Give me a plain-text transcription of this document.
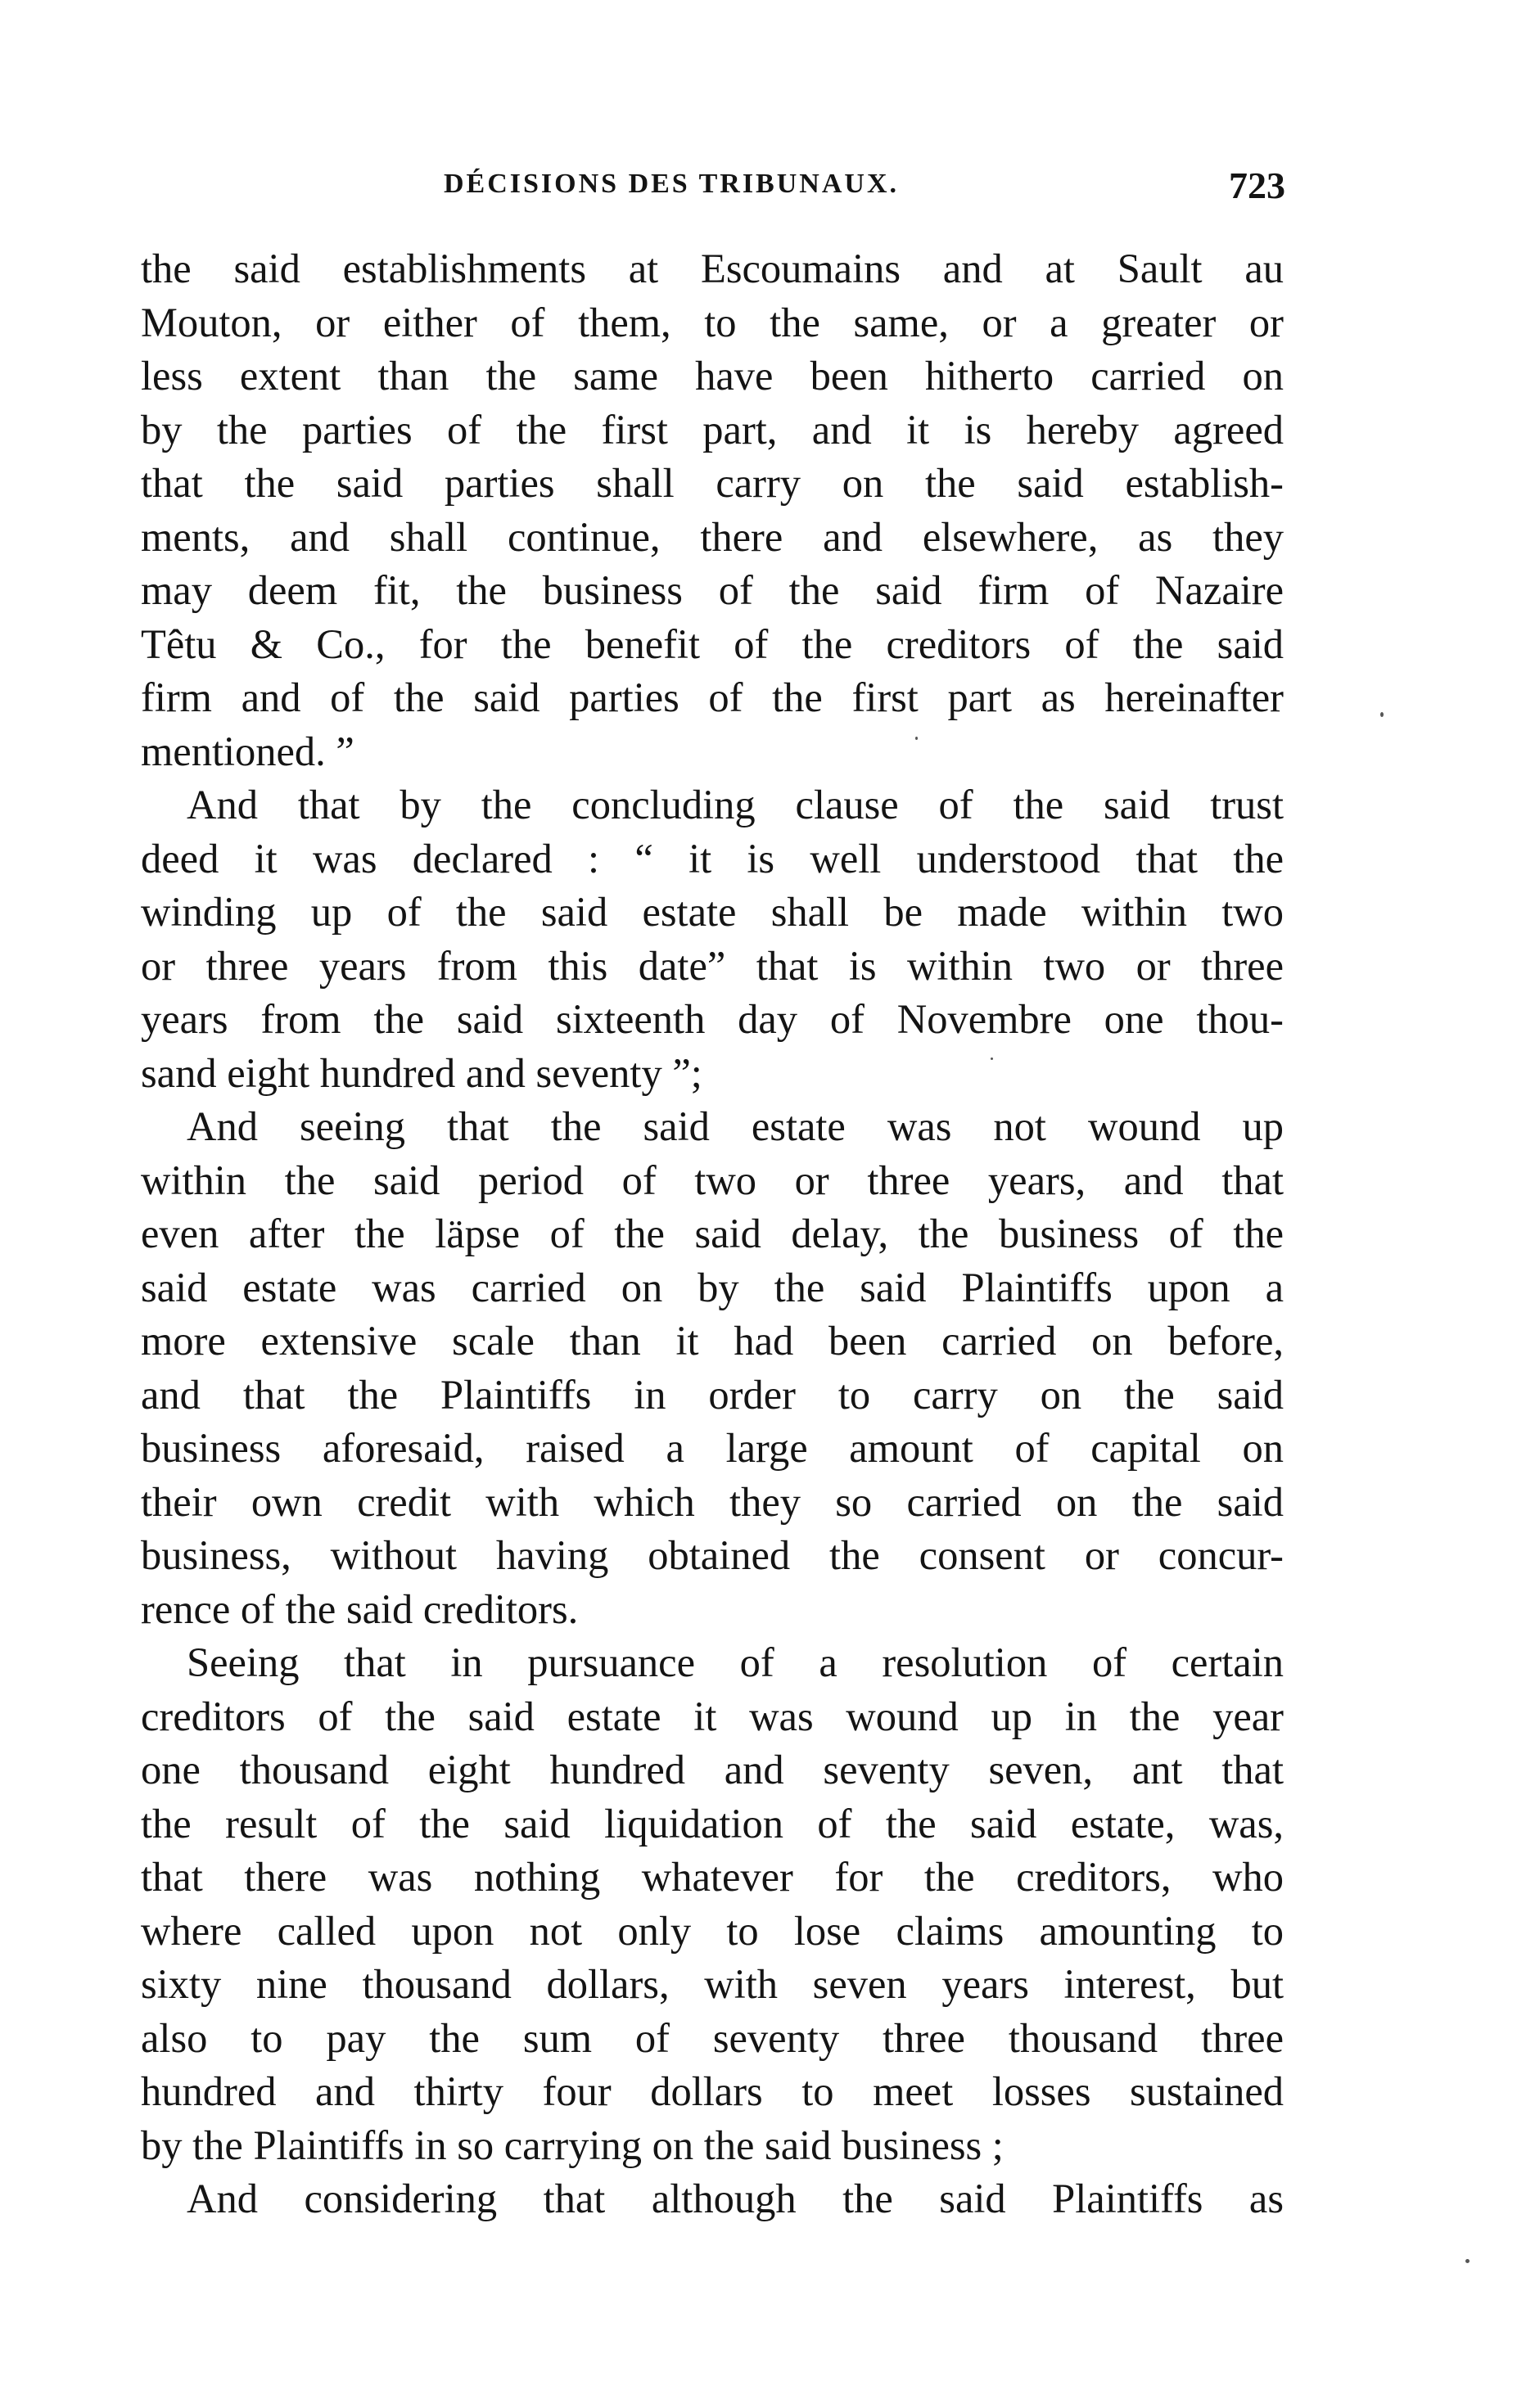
DÉCISIONS DES TRIBUNAUX.	723
the said establishments at Escoumains and at Sault au
Mouton, or either of them, to the same, or a greater or
less extent than the same have been hitherto carried on
by the parties of the first part, and it is hereby agreed
that the said parties shall carry on the said establish-
ments, and shall continue, there and elsewhere, as they
may deem fit, the business of the said firm of Nazaire
Têtu & Co., for the benefit of the creditors of the said
firm and of the said parties of the first part as hereinafter
mentioned. ”
And that by the concluding clause of the said trust
deed it was declared : “ it is well understood that the
winding up of the said estate shall be made within two
or three years from this date” that is within two or three
years from the said sixteenth day of Novembre one thou-
sand eight hundred and seventy ”;
And seeing that the said estate was not wound up
within the said period of two or three years, and that
even after the läpse of the said delay, the business of the
said estate was carried on by the said Plaintiffs upon a
more extensive scale than it had been carried on before,
and that the Plaintiffs in order to carry on the said
business aforesaid, raised a large amount of capital on
their own credit with which they so carried on the said
business, without having obtained the consent or concur-
rence of the said creditors.
Seeing that in pursuance of a resolution of certain
creditors of the said estate it was wound up in the year
one thousand eight hundred and seventy seven, ant that
the result of the said liquidation of the said estate, was,
that there was nothing whatever for the creditors, who
where called upon not only to lose claims amounting to
sixty nine thousand dollars, with seven years interest, but
also to pay the sum of seventy three thousand three
hundred and thirty four dollars to meet losses sustained
by the Plaintiffs in so carrying on the said business ;
And considering that although the said Plaintiffs as
